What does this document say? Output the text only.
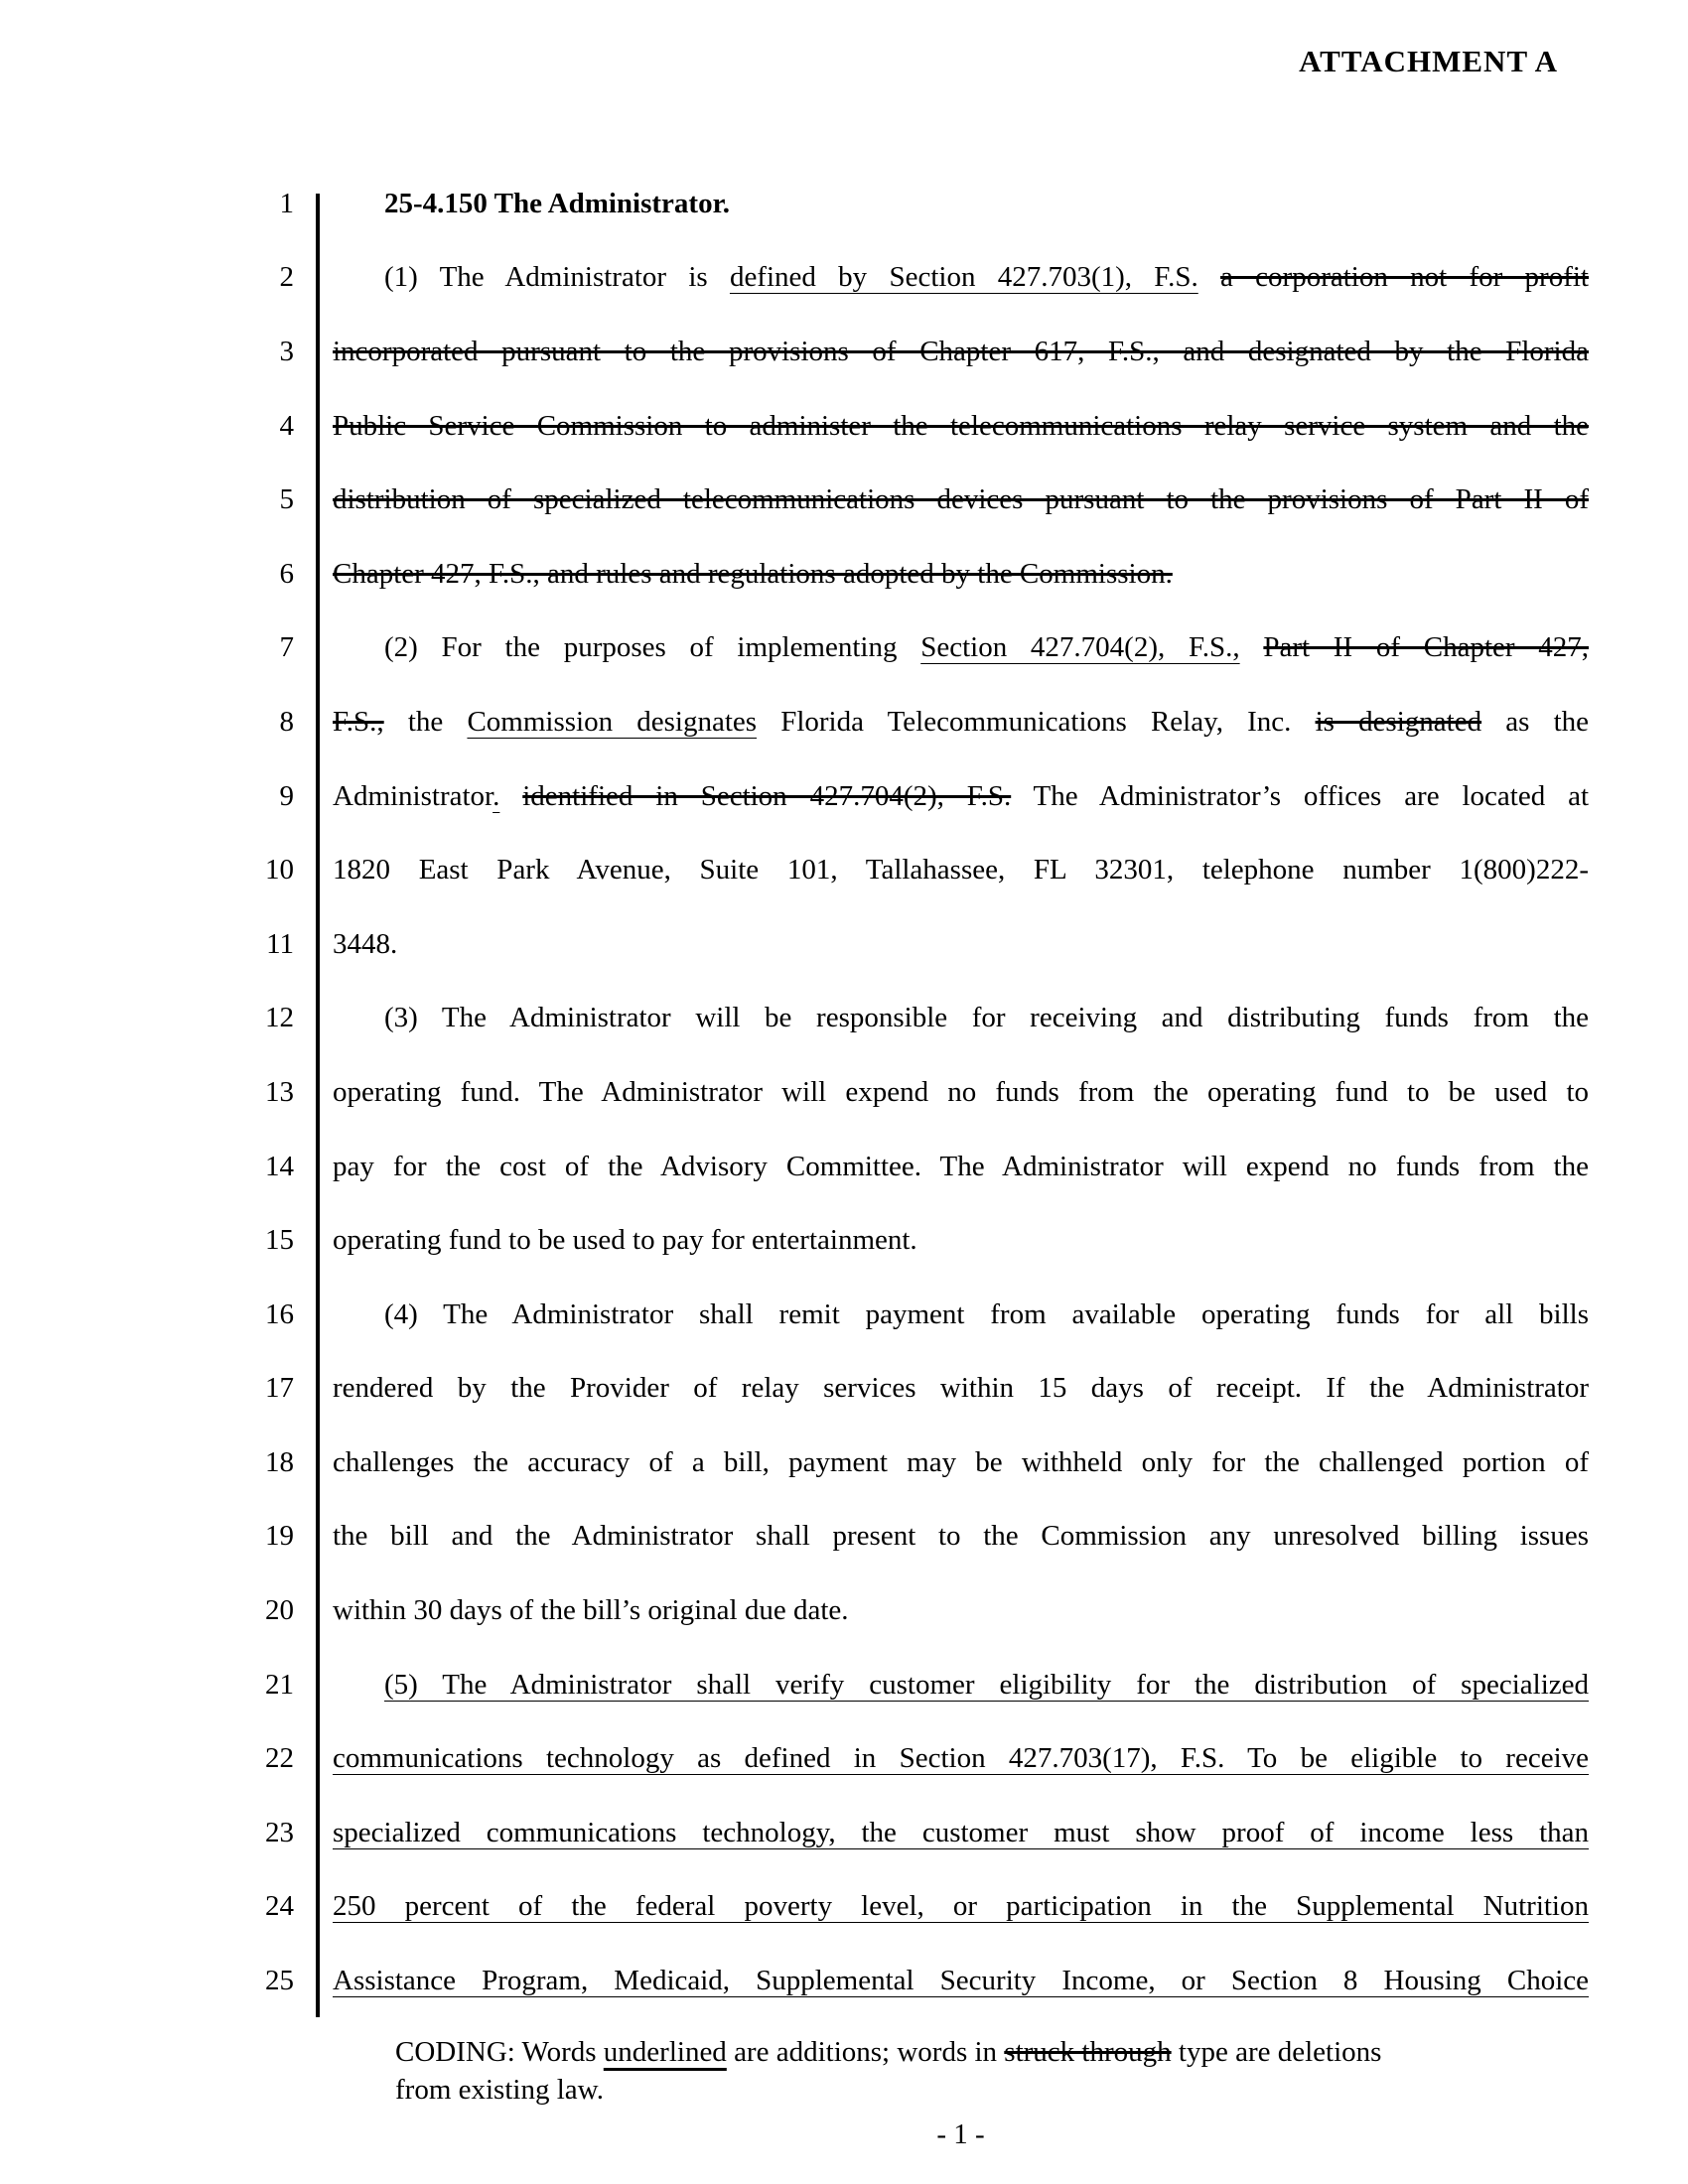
ATTACHMENT A
1	25-4.150 The Administrator.
2	(1) The Administrator is defined by Section 427.703(1), F.S. a corporation not for profit
3 incorporated pursuant to the provisions of Chapter 617, F.S., and designated by the Florida
4 Public Service Commission to administer the telecommunications relay service system and the
5 distribution of specialized telecommunications devices pursuant to the provisions of Part II of
6 Chapter 427, F.S., and rules and regulations adopted by the Commission.
7	(2) For the purposes of implementing Section 427.704(2), F.S., Part II of Chapter 427,
8 F.S., the Commission designates Florida Telecommunications Relay, Inc. is designated as the
9 Administrator. identified in Section 427.704(2), F.S. The Administrator’s offices are located at
10 1820 East Park Avenue, Suite 101, Tallahassee, FL 32301, telephone number 1(800)222-
11 3448.
12	(3) The Administrator will be responsible for receiving and distributing funds from the
13 operating fund. The Administrator will expend no funds from the operating fund to be used to
14 pay for the cost of the Advisory Committee. The Administrator will expend no funds from the
15 operating fund to be used to pay for entertainment.
16	(4) The Administrator shall remit payment from available operating funds for all bills
17 rendered by the Provider of relay services within 15 days of receipt. If the Administrator
18 challenges the accuracy of a bill, payment may be withheld only for the challenged portion of
19 the bill and the Administrator shall present to the Commission any unresolved billing issues
20 within 30 days of the bill’s original due date.
21	(5) The Administrator shall verify customer eligibility for the distribution of specialized
22 communications technology as defined in Section 427.703(17), F.S. To be eligible to receive
23 specialized communications technology, the customer must show proof of income less than
24 250 percent of the federal poverty level, or participation in the Supplemental Nutrition
25 Assistance Program, Medicaid, Supplemental Security Income, or Section 8 Housing Choice
CODING: Words underlined are additions; words in struck through type are deletions
from existing law.
- 1 -
